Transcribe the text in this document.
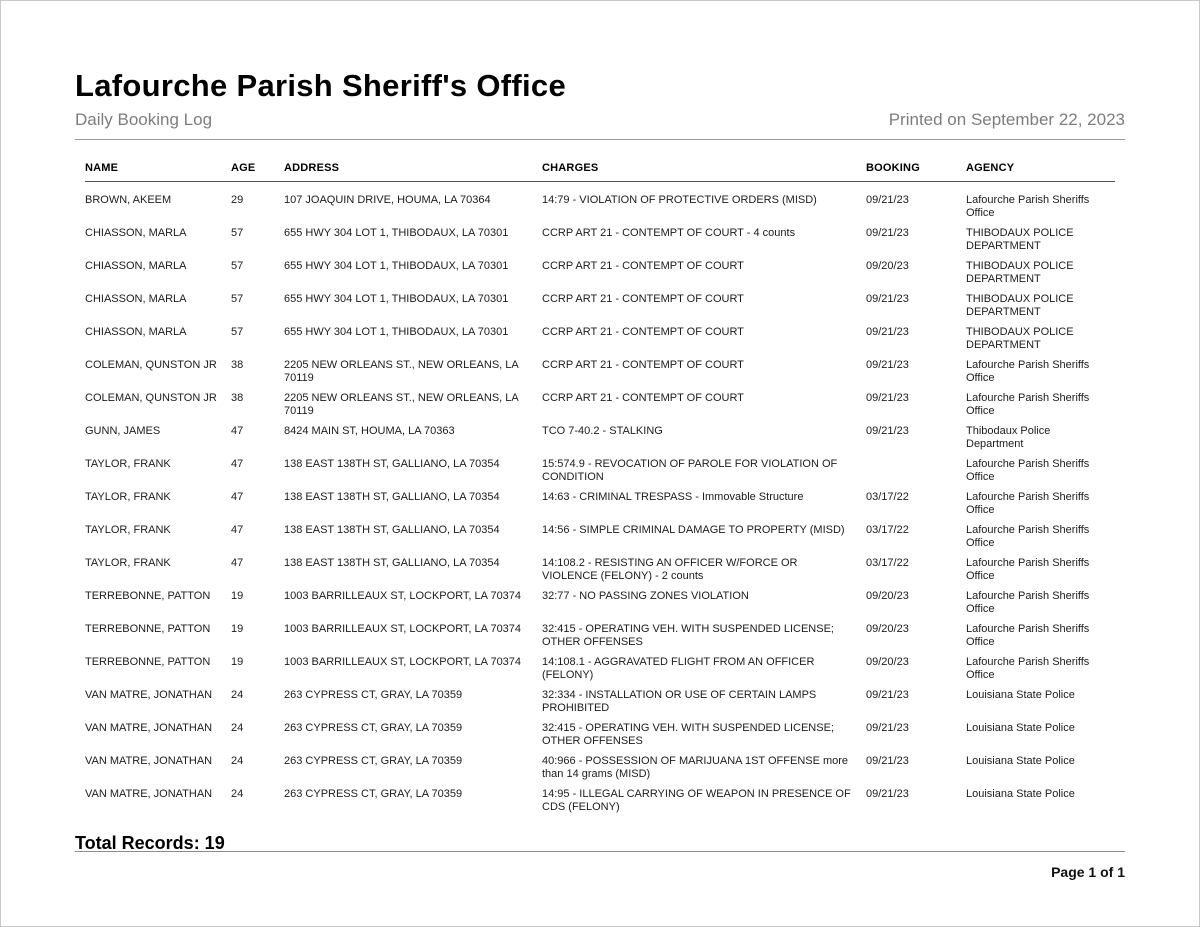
Lafourche Parish Sheriff's Office
Daily Booking Log	Printed on September 22, 2023
NAME	AGE	ADDRESS	CHARGES	BOOKING	AGENCY
BROWN, AKEEM	29	107 JOAQUIN DRIVE, HOUMA, LA 70364	14:79 - VIOLATION OF PROTECTIVE ORDERS (MISD)	09/21/23	Lafourche Parish Sheriffs Office
CHIASSON, MARLA	57	655 HWY 304 LOT 1, THIBODAUX, LA 70301	CCRP ART 21 - CONTEMPT OF COURT - 4 counts	09/21/23	THIBODAUX POLICE DEPARTMENT
CHIASSON, MARLA	57	655 HWY 304 LOT 1, THIBODAUX, LA 70301	CCRP ART 21 - CONTEMPT OF COURT	09/20/23	THIBODAUX POLICE DEPARTMENT
CHIASSON, MARLA	57	655 HWY 304 LOT 1, THIBODAUX, LA 70301	CCRP ART 21 - CONTEMPT OF COURT	09/21/23	THIBODAUX POLICE DEPARTMENT
CHIASSON, MARLA	57	655 HWY 304 LOT 1, THIBODAUX, LA 70301	CCRP ART 21 - CONTEMPT OF COURT	09/21/23	THIBODAUX POLICE DEPARTMENT
COLEMAN, QUNSTON JR	38	2205 NEW ORLEANS ST., NEW ORLEANS, LA 70119	CCRP ART 21 - CONTEMPT OF COURT	09/21/23	Lafourche Parish Sheriffs Office
COLEMAN, QUNSTON JR	38	2205 NEW ORLEANS ST., NEW ORLEANS, LA 70119	CCRP ART 21 - CONTEMPT OF COURT	09/21/23	Lafourche Parish Sheriffs Office
GUNN, JAMES	47	8424 MAIN ST, HOUMA, LA 70363	TCO 7-40.2 - STALKING	09/21/23	Thibodaux Police Department
TAYLOR, FRANK	47	138 EAST 138TH ST, GALLIANO, LA 70354	15:574.9 - REVOCATION OF PAROLE FOR VIOLATION OF CONDITION		Lafourche Parish Sheriffs Office
TAYLOR, FRANK	47	138 EAST 138TH ST, GALLIANO, LA 70354	14:63 - CRIMINAL TRESPASS - Immovable Structure	03/17/22	Lafourche Parish Sheriffs Office
TAYLOR, FRANK	47	138 EAST 138TH ST, GALLIANO, LA 70354	14:56 - SIMPLE CRIMINAL DAMAGE TO PROPERTY (MISD)	03/17/22	Lafourche Parish Sheriffs Office
TAYLOR, FRANK	47	138 EAST 138TH ST, GALLIANO, LA 70354	14:108.2 - RESISTING AN OFFICER W/FORCE OR VIOLENCE (FELONY) - 2 counts	03/17/22	Lafourche Parish Sheriffs Office
TERREBONNE, PATTON	19	1003 BARRILLEAUX ST, LOCKPORT, LA 70374	32:77 - NO PASSING ZONES VIOLATION	09/20/23	Lafourche Parish Sheriffs Office
TERREBONNE, PATTON	19	1003 BARRILLEAUX ST, LOCKPORT, LA 70374	32:415 - OPERATING VEH. WITH SUSPENDED LICENSE; OTHER OFFENSES	09/20/23	Lafourche Parish Sheriffs Office
TERREBONNE, PATTON	19	1003 BARRILLEAUX ST, LOCKPORT, LA 70374	14:108.1 - AGGRAVATED FLIGHT FROM AN OFFICER (FELONY)	09/20/23	Lafourche Parish Sheriffs Office
VAN MATRE, JONATHAN	24	263 CYPRESS CT, GRAY, LA 70359	32:334 - INSTALLATION OR USE OF CERTAIN LAMPS PROHIBITED	09/21/23	Louisiana State Police
VAN MATRE, JONATHAN	24	263 CYPRESS CT, GRAY, LA 70359	32:415 - OPERATING VEH. WITH SUSPENDED LICENSE; OTHER OFFENSES	09/21/23	Louisiana State Police
VAN MATRE, JONATHAN	24	263 CYPRESS CT, GRAY, LA 70359	40:966 - POSSESSION OF MARIJUANA 1ST OFFENSE more than 14 grams (MISD)	09/21/23	Louisiana State Police
VAN MATRE, JONATHAN	24	263 CYPRESS CT, GRAY, LA 70359	14:95 - ILLEGAL CARRYING OF WEAPON IN PRESENCE OF CDS (FELONY)	09/21/23	Louisiana State Police
Total Records: 19
Page 1 of 1
